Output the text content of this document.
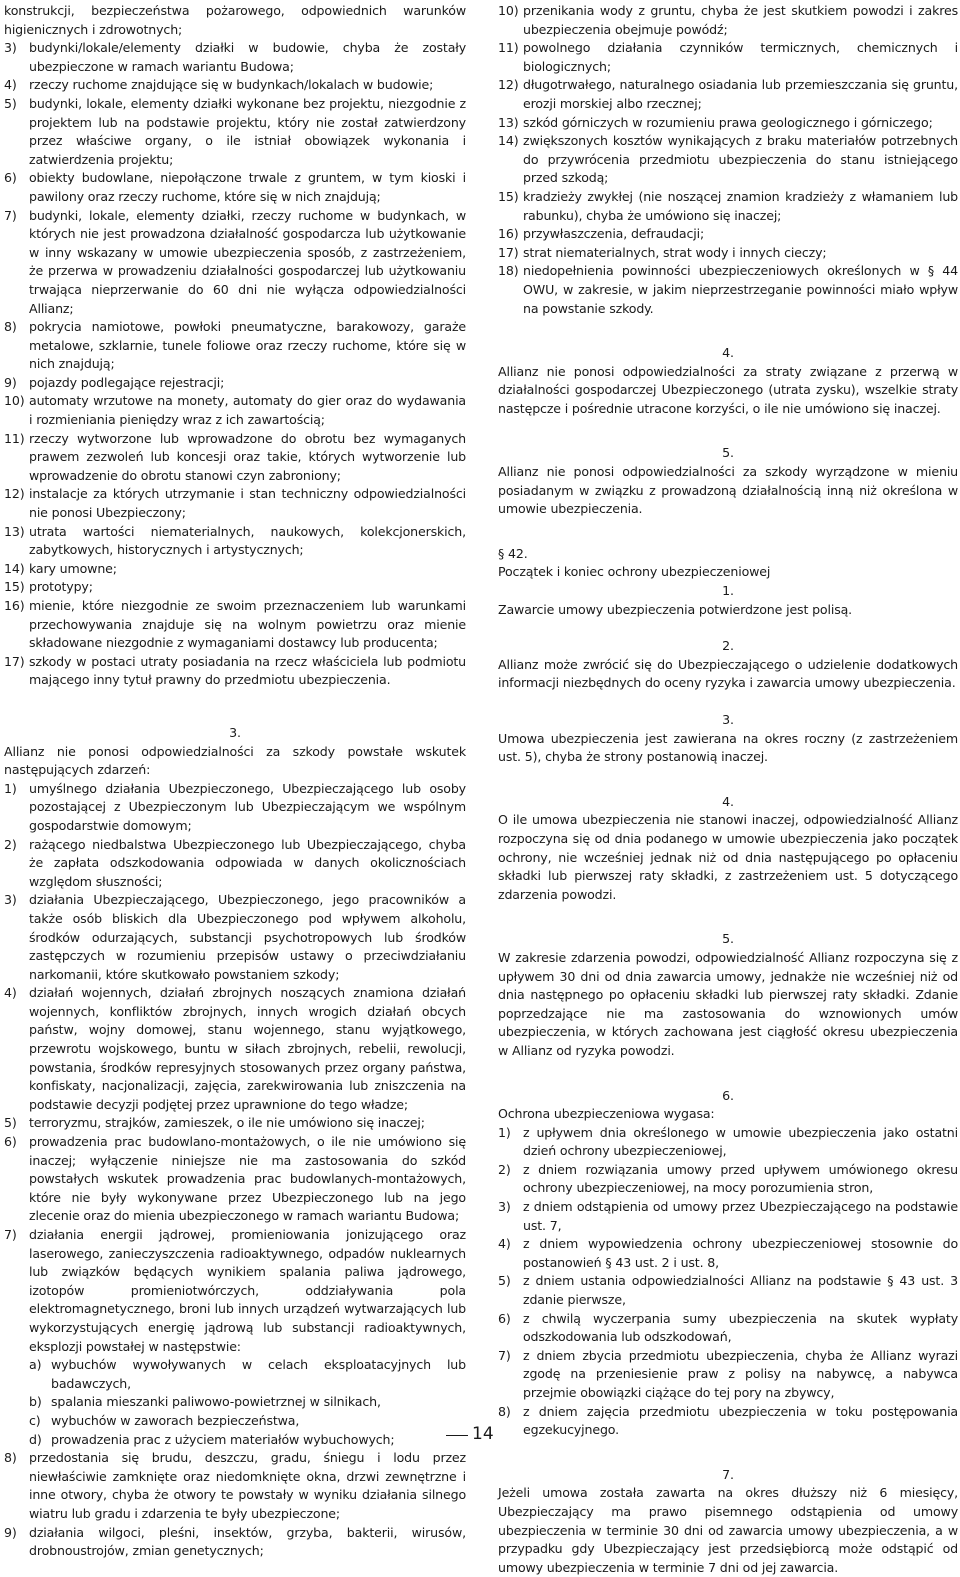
konstrukcji, bezpieczeństwa pożarowego, odpowiednich warunków higienicznych i zdrowotnych;

3) budynki/lokale/elementy działki w budowie, chyba że zostały ubezpieczone w ramach wariantu Budowa;
4) rzeczy ruchome znajdujące się w budynkach/lokalach w budowie;
5) budynki, lokale, elementy działki wykonane bez projektu, niezgodnie z projektem lub na podstawie projektu, który nie został zatwierdzony przez właściwe organy, o ile istniał obowiązek wykonania i zatwierdzenia projektu;
6) obiekty budowlane, niepołączone trwale z gruntem, w tym kioski i pawilony oraz rzeczy ruchome, które się w nich znajdują;
7) budynki, lokale, elementy działki, rzeczy ruchome w budynkach, w których nie jest prowadzona działalność gospodarcza lub użytkowanie w inny wskazany w umowie ubezpieczenia sposób, z zastrzeżeniem, że przerwa w prowadzeniu działalności gospodarczej lub użytkowaniu trwająca nieprzerwanie do 60 dni nie wyłącza odpowiedzialności Allianz;
8) pokrycia namiotowe, powłoki pneumatyczne, barakowozy, garaże metalowe, szklarnie, tunele foliowe oraz rzeczy ruchome, które się w nich znajdują;
9) pojazdy podlegające rejestracji;
10) automaty wrzutowe na monety, automaty do gier oraz do wydawania i rozmieniania pieniędzy wraz z ich zawartością;
11) rzeczy wytworzone lub wprowadzone do obrotu bez wymaganych prawem zezwoleń lub koncesji oraz takie, których wytworzenie lub wprowadzenie do obrotu stanowi czyn zabroniony;
12) instalacje za których utrzymanie i stan techniczny odpowiedzialności nie ponosi Ubezpieczony;
13) utrata wartości niematerialnych, naukowych, kolekcjonerskich, zabytkowych, historycznych i artystycznych;
14) kary umowne;
15) prototypy;
16) mienie, które niezgodnie ze swoim przeznaczeniem lub warunkami przechowywania znajduje się na wolnym powietrzu oraz mienie składowane niezgodnie z wymaganiami dostawcy lub producenta;
17) szkody w postaci utraty posiadania na rzecz właściciela lub podmiotu mającego inny tytuł prawny do przedmiotu ubezpieczenia.

3.

Allianz nie ponosi odpowiedzialności za szkody powstałe wskutek następujących zdarzeń:

1) umyślnego działania Ubezpieczonego, Ubezpieczającego lub osoby pozostającej z Ubezpieczonym lub Ubezpieczającym we wspólnym gospodarstwie domowym;
2) rażącego niedbalstwa Ubezpieczonego lub Ubezpieczającego, chyba że zapłata odszkodowania odpowiada w danych okolicznościach względom słuszności;
3) działania Ubezpieczającego, Ubezpieczonego, jego pracowników a także osób bliskich dla Ubezpieczonego pod wpływem alkoholu, środków odurzających, substancji psychotropowych lub środków zastępczych w rozumieniu przepisów ustawy o przeciwdziałaniu narkomanii, które skutkowało powstaniem szkody;
4) działań wojennych, działań zbrojnych noszących znamiona działań wojennych, konfliktów zbrojnych, innych wrogich działań obcych państw, wojny domowej, stanu wojennego, stanu wyjątkowego, przewrotu wojskowego, buntu w siłach zbrojnych, rebelii, rewolucji, powstania, środków represyjnych stosowanych przez organy państwa, konfiskaty, nacjonalizacji, zajęcia, zarekwirowania lub zniszczenia na podstawie decyzji podjętej przez uprawnione do tego władze;
5) terroryzmu, strajków, zamieszek, o ile nie umówiono się inaczej;
6) prowadzenia prac budowlano-montażowych, o ile nie umówiono się inaczej; wyłączenie niniejsze nie ma zastosowania do szkód powstałych wskutek prowadzenia prac budowlanych-montażowych, które nie były wykonywane przez Ubezpieczonego lub na jego zlecenie oraz do mienia ubezpieczonego w ramach wariantu Budowa;
7) działania energii jądrowej, promieniowania jonizującego oraz laserowego, zanieczyszczenia radioaktywnego, odpadów nuklearnych lub związków będących wynikiem spalania paliwa jądrowego, izotopów promieniotwórczych, oddziaływania pola elektromagnetycznego, broni lub innych urządzeń wytwarzających lub wykorzystujących energię jądrową lub substancji radioaktywnych, eksplozji powstałej w następstwie:
a) wybuchów wywoływanych w celach eksploatacyjnych lub badawczych,
b) spalania mieszanki paliwowo-powietrznej w silnikach,
c) wybuchów w zaworach bezpieczeństwa,
d) prowadzenia prac z użyciem materiałów wybuchowych;
8) przedostania się brudu, deszczu, gradu, śniegu i lodu przez niewłaściwie zamknięte oraz niedomknięte okna, drzwi zewnętrzne i inne otwory, chyba że otwory te powstały w wyniku działania silnego wiatru lub gradu i zdarzenia te były ubezpieczone;
9) działania wilgoci, pleśni, insektów, grzyba, bakterii, wirusów, drobnoustrojów, zmian genetycznych;
10) przenikania wody z gruntu, chyba że jest skutkiem powodzi i zakres ubezpieczenia obejmuje powódź;
11) powolnego działania czynników termicznych, chemicznych i biologicznych;
12) długotrwałego, naturalnego osiadania lub przemieszczania się gruntu, erozji morskiej albo rzecznej;
13) szkód górniczych w rozumieniu prawa geologicznego i górniczego;
14) zwiększonych kosztów wynikających z braku materiałów potrzebnych do przywrócenia przedmiotu ubezpieczenia do stanu istniejącego przed szkodą;
15) kradzieży zwykłej (nie noszącej znamion kradzieży z włamaniem lub rabunku), chyba że umówiono się inaczej;
16) przywłaszczenia, defraudacji;
17) strat niematerialnych, strat wody i innych cieczy;
18) niedopełnienia powinności ubezpieczeniowych określonych w § 44 OWU, w zakresie, w jakim nieprzestrzeganie powinności miało wpływ na powstanie szkody.

4.

Allianz nie ponosi odpowiedzialności za straty związane z przerwą w działalności gospodarczej Ubezpieczonego (utrata zysku), wszelkie straty następcze i pośrednie utracone korzyści, o ile nie umówiono się inaczej.

5.

Allianz nie ponosi odpowiedzialności za szkody wyrządzone w mieniu posiadanym w związku z prowadzoną działalnością inną niż określona w umowie ubezpieczenia.

§ 42.

Początek i koniec ochrony ubezpieczeniowej

1.

Zawarcie umowy ubezpieczenia potwierdzone jest polisą.

2.

Allianz może zwrócić się do Ubezpieczającego o udzielenie dodatkowych informacji niezbędnych do oceny ryzyka i zawarcia umowy ubezpieczenia.

3.

Umowa ubezpieczenia jest zawierana na okres roczny (z zastrzeżeniem ust. 5), chyba że strony postanowią inaczej.

4.

O ile umowa ubezpieczenia nie stanowi inaczej, odpowiedzialność Allianz rozpoczyna się od dnia podanego w umowie ubezpieczenia jako początek ochrony, nie wcześniej jednak niż od dnia następującego po opłaceniu składki lub pierwszej raty składki, z zastrzeżeniem ust. 5 dotyczącego zdarzenia powodzi.

5.

W zakresie zdarzenia powodzi, odpowiedzialność Allianz rozpoczyna się z upływem 30 dni od dnia zawarcia umowy, jednakże nie wcześniej niż od dnia następnego po opłaceniu składki lub pierwszej raty składki. Zdanie poprzedzające nie ma zastosowania do wznowionych umów ubezpieczenia, w których zachowana jest ciągłość okresu ubezpieczenia w Allianz od ryzyka powodzi.

6.

Ochrona ubezpieczeniowa wygasa:

1) z upływem dnia określonego w umowie ubezpieczenia jako ostatni dzień ochrony ubezpieczeniowej,
2) z dniem rozwiązania umowy przed upływem umówionego okresu ochrony ubezpieczeniowej, na mocy porozumienia stron,
3) z dniem odstąpienia od umowy przez Ubezpieczającego na podstawie ust. 7,
4) z dniem wypowiedzenia ochrony ubezpieczeniowej stosownie do postanowień § 43 ust. 2 i ust. 8,
5) z dniem ustania odpowiedzialności Allianz na podstawie § 43 ust. 3 zdanie pierwsze,
6) z chwilą wyczerpania sumy ubezpieczenia na skutek wypłaty odszkodowania lub odszkodowań,
7) z dniem zbycia przedmiotu ubezpieczenia, chyba że Allianz wyrazi zgodę na przeniesienie praw z polisy na nabywcę, a nabywca przejmie obowiązki ciążące do tej pory na zbywcy,
8) z dniem zajęcia przedmiotu ubezpieczenia w toku postępowania egzekucyjnego.

7.

Jeżeli umowa została zawarta na okres dłuższy niż 6 miesięcy, Ubezpieczający ma prawo pisemnego odstąpienia od umowy ubezpieczenia w terminie 30 dni od zawarcia umowy ubezpieczenia, a w przypadku gdy Ubezpieczający jest przedsiębiorcą może odstąpić od umowy ubezpieczenia w terminie 7 dni od jej zawarcia.

14
